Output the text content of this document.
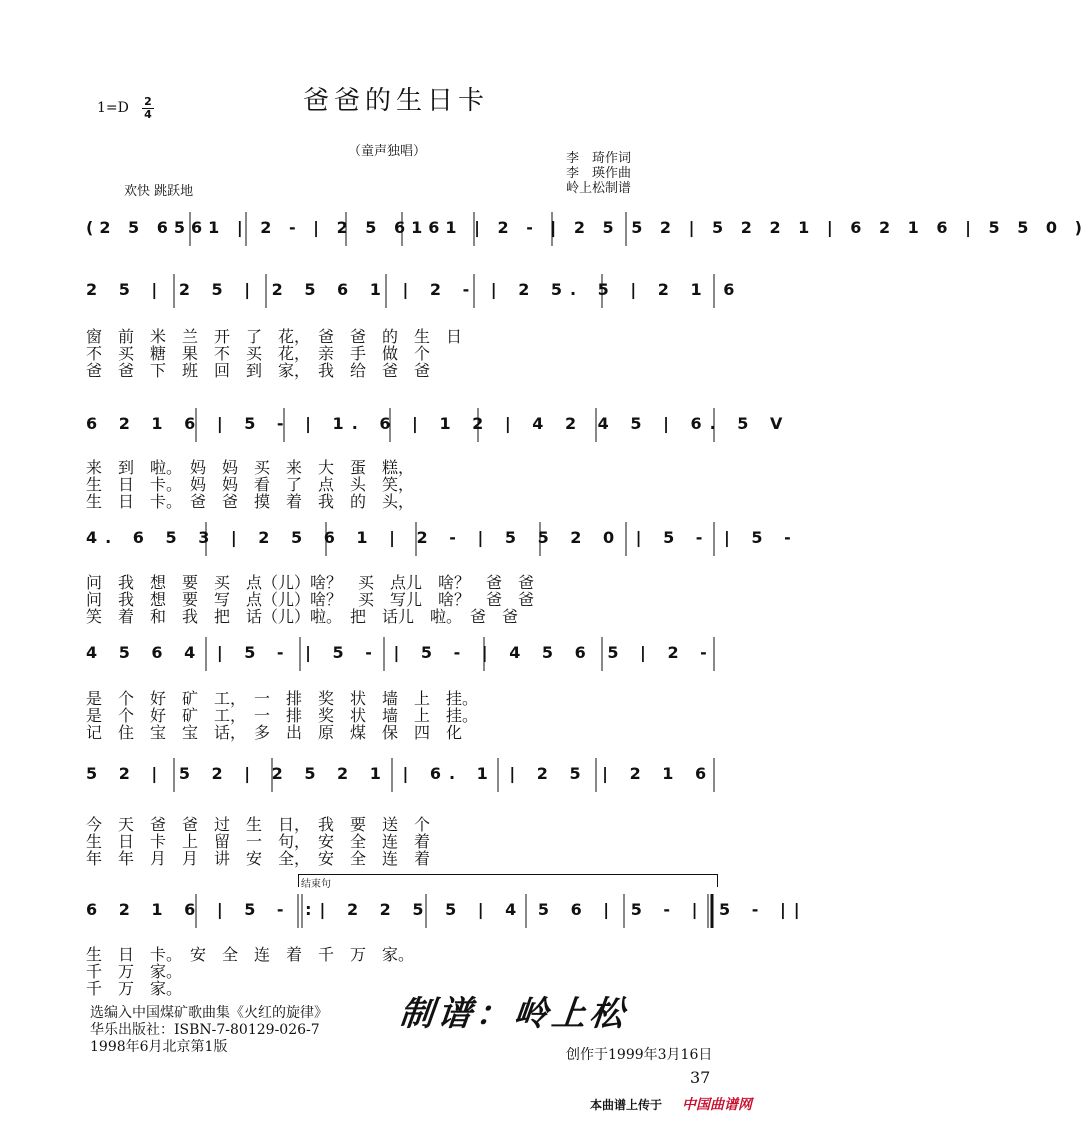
爸爸的生日卡
$1=D \frac{2}{4}$
（童声独唱）	李　琦作词
李　瑛作曲
岭上松制谱
欢快 跳跃地
(2 5 6561 | 2 - | 2 5 6161 | 2 - | 2 5 5 2 | 5 2 2 1 | 6 2 1 6 | 5 5 0 )
2 5 | 2 5 | 2 5 6 1 | 2 - | 2 5. 5 | 2 1 6
窗　前　米　兰　开　了　花，　爸　爸　的　生　日
不　买　糖　果　不　买　花，　亲　手　做　个
爸　爸　下　班　回　到　家，　我　给　爸　爸
6 2 1 6 | 5 - | 1. 6 | 1 2 | 4 2 4 5 | 6. 5 V
来　到　啦。　妈　妈　买　来　大　蛋　糕，
生　日　卡。　妈　妈　看　了　点　头　笑，
生　日　卡。　爸　爸　摸　着　我　的　头，
4. 6 5 3 | 2 5 6 1 | 2 - | 5 5 2 0 | 5 - | 5 -
问　我　想　要　买　点（儿）啥？　买　点儿　啥？　爸　爸
问　我　想　要　写　点（儿）啥？　买　写儿　啥？　爸　爸
笑　着　和　我　把　话（儿）啦。　把　话儿　啦。　爸　爸
4 5 6 4 | 5 - | 5 - | 5 - | 4 5 6 5 | 2 -
是　个　好　矿　工，　一　排　奖　状　墙　上　挂。
是　个　好　矿　工，　一　排　奖　状　墙　上　挂。
记　住　宝　宝　话，　多　出　原　煤　保　四　化
5 2 | 5 2 | 2 5 2 1 | 6. 1 | 2 5 | 2 1 6
今　天　爸　爸　过　生　日，　我　要　送　个
生　日　卡　上　留　一　句，　安　全　连　着
年　年　月　月　讲　安　全，　安　全　连　着
结束句
6 2 1 6 | 5 - :| 2 2 5 5 | 4 5 6 | 5 - | 5 - ||
生　日　卡。　安　全　连　着　千　万　家。
千　万　家。
千　万　家。
选编入中国煤矿歌曲集《火红的旋律》
华乐出版社：ISBN-7-80129-026-7
1998年6月北京第1版
制谱：岭上松
创作于1999年3月16日
37
本曲谱上传于 中国曲谱网
